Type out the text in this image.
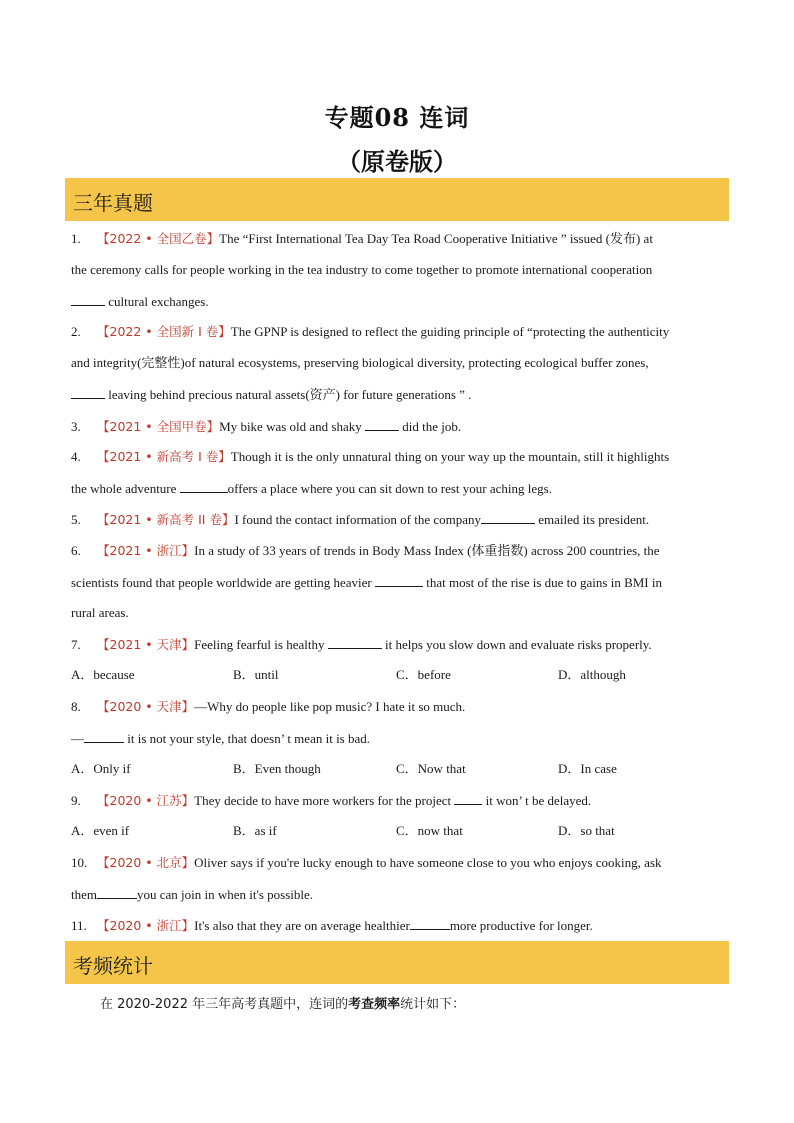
专题08 连词
（原卷版）
三年真题
1. 【2022 • 全国乙卷】The “First International Tea Day Tea Road Cooperative Initiative ” issued (发布) at
the ceremony calls for people working in the tea industry to come together to promote international cooperation
cultural exchanges.
2. 【2022 • 全国新 I 卷】The GPNP is designed to reflect the guiding principle of “protecting the authenticity
and integrity(完整性)of natural ecosystems, preserving biological diversity, protecting ecological buffer zones,
leaving behind precious natural assets(资产) for future generations ” .
3. 【2021 • 全国甲卷】My bike was old and shaky	did the job.
4. 【2021 • 新高考 I 卷】Though it is the only unnatural thing on your way up the mountain, still it highlights
the whole adventure	offers a place where you can sit down to rest your aching legs.
5. 【2021 • 新高考 II 卷】I found the contact information of the company	emailed its president.
6. 【2021 • 浙江】In a study of 33 years of trends in Body Mass Index (体重指数) across 200 countries, the
scientists found that people worldwide are getting heavier	that most of the rise is due to gains in BMI in
rural areas.
7. 【2021 • 天津】Feeling fearful is healthy	it helps you slow down and evaluate risks properly.
A．because	B．until	C．before	D．although
8. 【2020 • 天津】—Why do people like pop music? I hate it so much.
—	it is not your style, that doesn’ t mean it is bad.
A．Only if	B．Even though	C．Now that	D．In case
9. 【2020 • 江苏】They decide to have more workers for the project  it won’ t be delayed.
A．even if	B．as if	C．now that	D．so that
10. 【2020 • 北京】Oliver says if you're lucky enough to have someone close to you who enjoys cooking, ask
them	you can join in when it's possible.
11. 【2020 • 浙江】It's also that they are on average healthier	more productive for longer.
考频统计
在 2020-2022 年三年高考真题中，连词的考查频率统计如下：
